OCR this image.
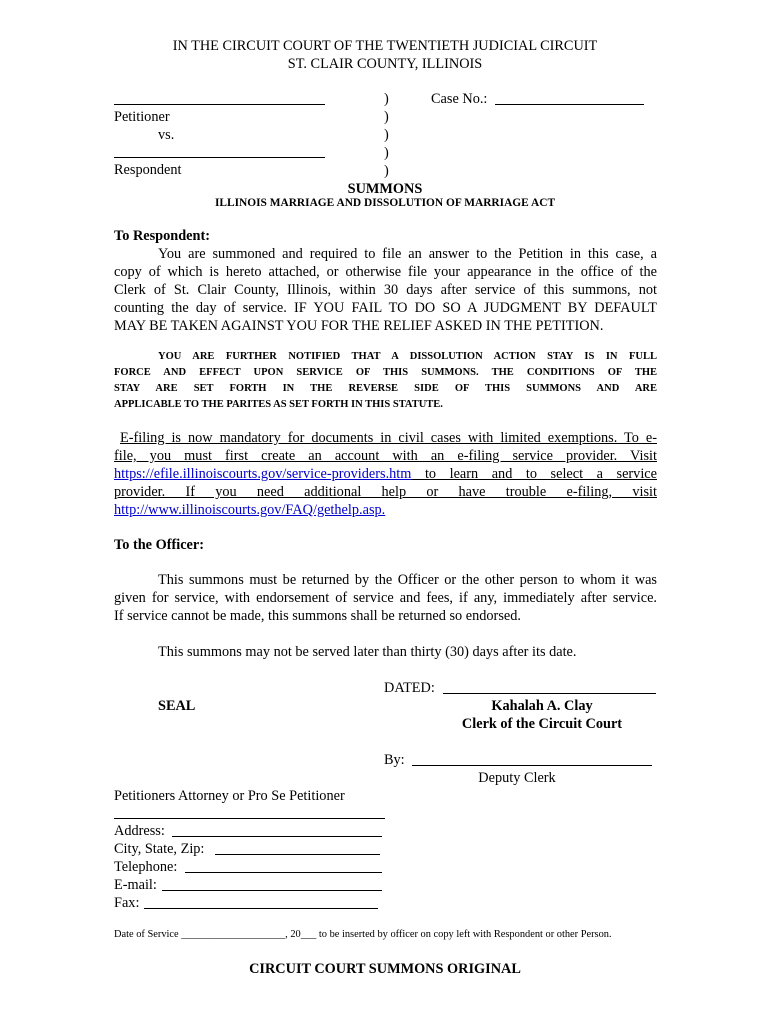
IN THE CIRCUIT COURT OF THE TWENTIETH JUDICIAL CIRCUIT
ST. CLAIR COUNTY, ILLINOIS
Petitioner
vs.
Respondent
)
)
)
)
)
Case No.:
SUMMONS
ILLINOIS MARRIAGE AND DISSOLUTION OF MARRIAGE ACT
To Respondent:
You are summoned and required to file an answer to the Petition in this case, a
copy of which is hereto attached, or otherwise file your appearance in the office of the
Clerk of St. Clair County, Illinois, within 30 days after service of this summons, not
counting the day of service. IF YOU FAIL TO DO SO A JUDGMENT BY DEFAULT
MAY BE TAKEN AGAINST YOU FOR THE RELIEF ASKED IN THE PETITION.
YOU ARE FURTHER NOTIFIED THAT A DISSOLUTION ACTION STAY IS IN FULL
FORCE AND EFFECT UPON SERVICE OF THIS SUMMONS. THE CONDITIONS OF THE
STAY ARE SET FORTH IN THE REVERSE SIDE OF THIS SUMMONS AND ARE
APPLICABLE TO THE PARITES AS SET FORTH IN THIS STATUTE.
E-filing is now mandatory for documents in civil cases with limited exemptions. To e-
file, you must first create an account with an e-filing service provider. Visit
https://efile.illinoiscourts.gov/service-providers.htm to learn and to select a service
provider. If you need additional help or have trouble e-filing, visit
http://www.illinoiscourts.gov/FAQ/gethelp.asp.
To the Officer:
This summons must be returned by the Officer or the other person to whom it was
given for service, with endorsement of service and fees, if any, immediately after service.
If service cannot be made, this summons shall be returned so endorsed.
This summons may not be served later than thirty (30) days after its date.
DATED:
SEAL	Kahalah A. Clay
Clerk of the Circuit Court
By:
Deputy Clerk
Petitioners Attorney or Pro Se Petitioner
Address:
City, State, Zip:
Telephone:
E-mail:
Fax:
Date of Service ____________________, 20___ to be inserted by officer on copy left with Respondent or other Person.
CIRCUIT COURT SUMMONS ORIGINAL
